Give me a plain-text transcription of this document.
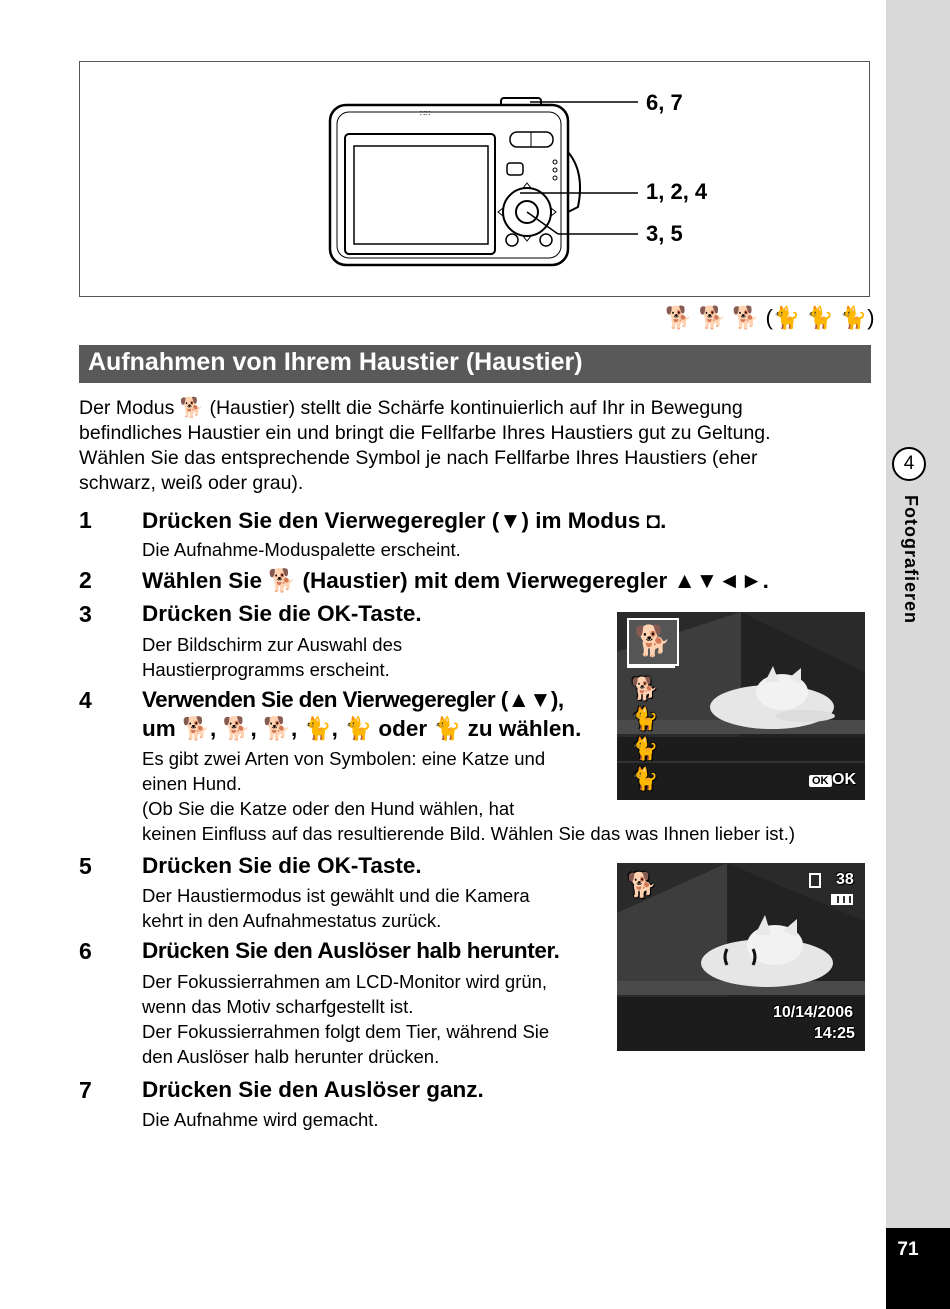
4
Fotografieren
71
∷∷	6, 7
1, 2, 4
3, 5
🐕 🐕 🐕 (🐈 🐈 🐈)
Aufnahmen von Ihrem Haustier (Haustier)
Der Modus 🐕 (Haustier) stellt die Schärfe kontinuierlich auf Ihr in Bewegung
befindliches Haustier ein und bringt die Fellfarbe Ihres Haustiers gut zu Geltung.
Wählen Sie das entsprechende Symbol je nach Fellfarbe Ihres Haustiers (eher
schwarz, weiß oder grau).
1 Drücken Sie den Vierwegeregler (▼) im Modus ◘.
Die Aufnahme-Moduspalette erscheint.
2 Wählen Sie 🐕 (Haustier) mit dem Vierwegeregler ▲▼◄►.
3 Drücken Sie die OK-Taste.
Der Bildschirm zur Auswahl des
Haustierprogramms erscheint.
4 Verwenden Sie den Vierwegeregler (▲▼),
um 🐕, 🐕, 🐕, 🐈, 🐈 oder 🐈 zu wählen.
Es gibt zwei Arten von Symbolen: eine Katze und
einen Hund.
(Ob Sie die Katze oder den Hund wählen, hat
keinen Einfluss auf das resultierende Bild. Wählen Sie das was Ihnen lieber ist.)
5 Drücken Sie die OK-Taste.
Der Haustiermodus ist gewählt und die Kamera
kehrt in den Aufnahmestatus zurück.
6 Drücken Sie den Auslöser halb herunter.
Der Fokussierrahmen am LCD-Monitor wird grün,
wenn das Motiv scharfgestellt ist.
Der Fokussierrahmen folgt dem Tier, während Sie
den Auslöser halb herunter drücken.
7 Drücken Sie den Auslöser ganz.
Die Aufnahme wird gemacht.
🐕
🐕
🐈
🐈
🐈	OK OK
🐕	38
10/14/2006
14:25
